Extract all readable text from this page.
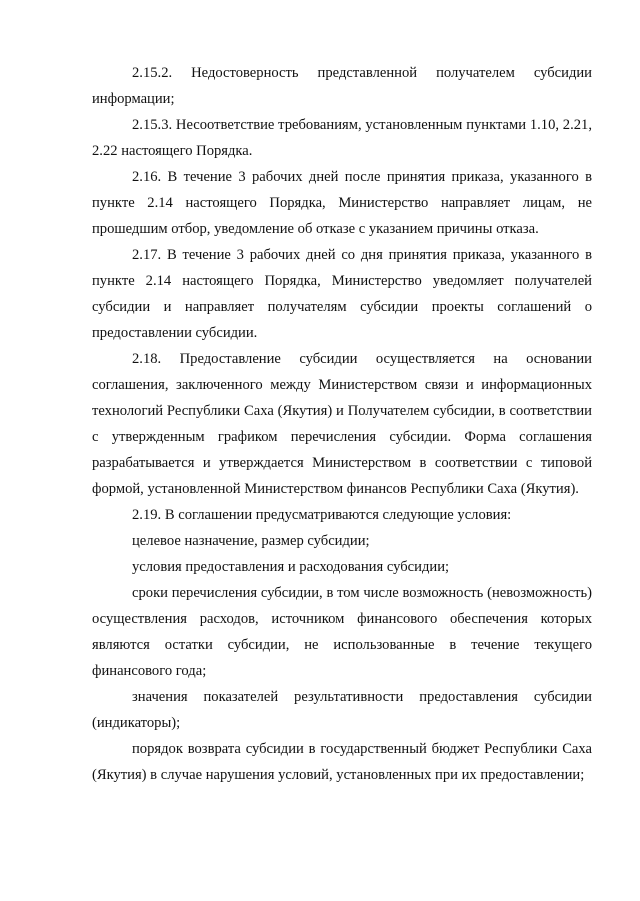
2.15.2. Недостоверность представленной получателем субсидии информации;

2.15.3. Несоответствие требованиям, установленным пунктами 1.10, 2.21, 2.22 настоящего Порядка.

2.16. В течение 3 рабочих дней после принятия приказа, указанного в пункте 2.14 настоящего Порядка, Министерство направляет лицам, не прошедшим отбор, уведомление об отказе с указанием причины отказа.

2.17. В течение 3 рабочих дней со дня принятия приказа, указанного в пункте 2.14 настоящего Порядка, Министерство уведомляет получателей субсидии и направляет получателям субсидии проекты соглашений о предоставлении субсидии.

2.18. Предоставление субсидии осуществляется на основании соглашения, заключенного между Министерством связи и информационных технологий Республики Саха (Якутия) и Получателем субсидии, в соответствии с утвержденным графиком перечисления субсидии. Форма соглашения разрабатывается и утверждается Министерством в соответствии с типовой формой, установленной Министерством финансов Республики Саха (Якутия).

2.19. В соглашении предусматриваются следующие условия:

целевое назначение, размер субсидии;

условия предоставления и расходования субсидии;

сроки перечисления субсидии, в том числе возможность (невозможность) осуществления расходов, источником финансового обеспечения которых являются остатки субсидии, не использованные в течение текущего финансового года;

значения показателей результативности предоставления субсидии (индикаторы);

порядок возврата субсидии в государственный бюджет Республики Саха (Якутия) в случае нарушения условий, установленных при их предоставлении;
